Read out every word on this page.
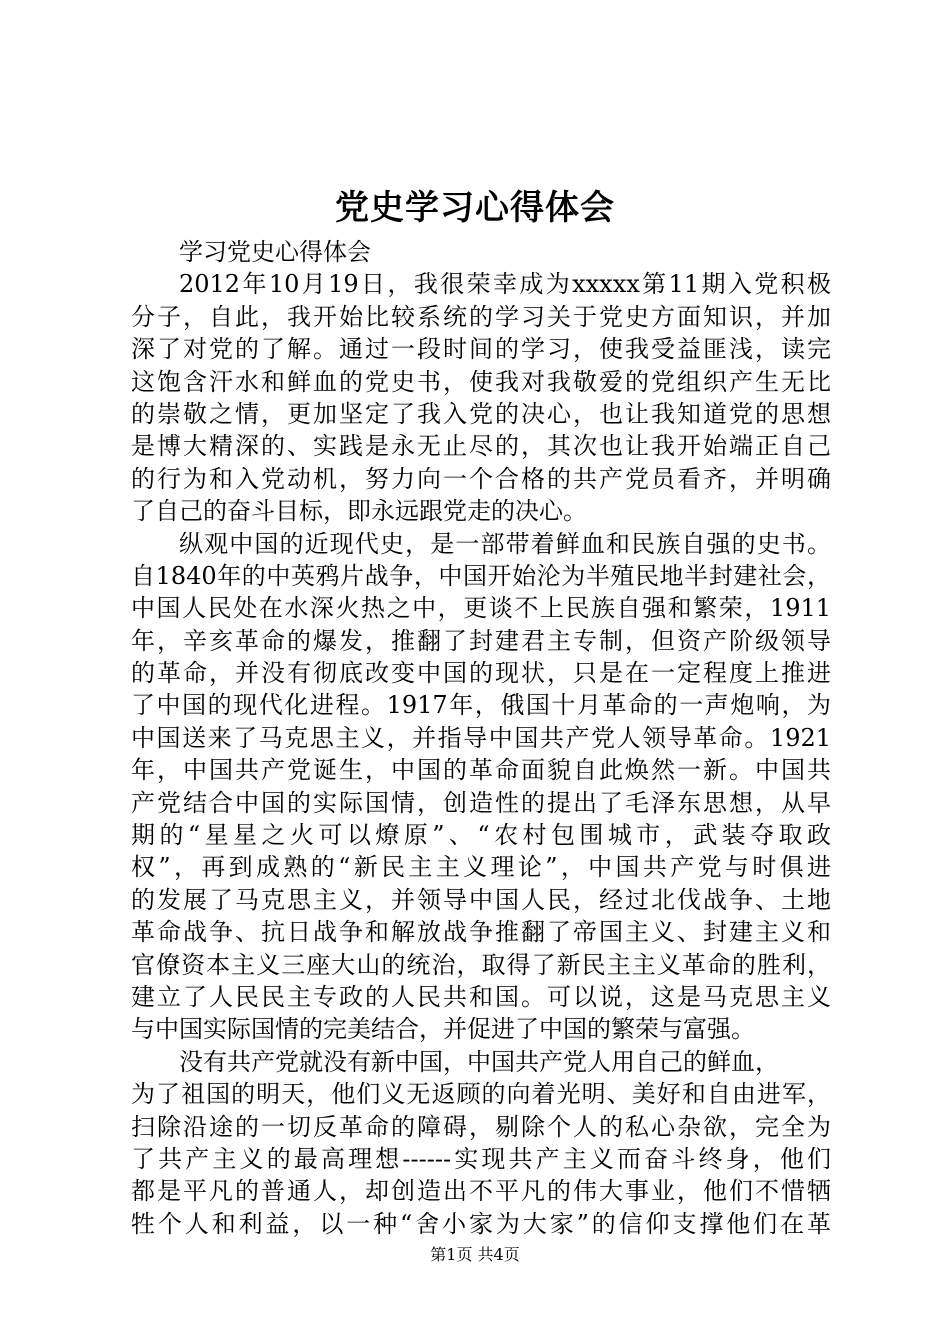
党史学习心得体会
学习党史心得体会
2012年10月19日，我很荣幸成为xxxxx第11期入党积极
分子，自此，我开始比较系统的学习关于党史方面知识，并加
深了对党的了解。通过一段时间的学习，使我受益匪浅，读完
这饱含汗水和鲜血的党史书，使我对我敬爱的党组织产生无比
的崇敬之情，更加坚定了我入党的决心，也让我知道党的思想
是博大精深的、实践是永无止尽的，其次也让我开始端正自己
的行为和入党动机，努力向一个合格的共产党员看齐，并明确
了自己的奋斗目标，即永远跟党走的决心。
纵观中国的近现代史，是一部带着鲜血和民族自强的史书。
自1840年的中英鸦片战争，中国开始沦为半殖民地半封建社会，
中国人民处在水深火热之中，更谈不上民族自强和繁荣，1911
年，辛亥革命的爆发，推翻了封建君主专制，但资产阶级领导
的革命，并没有彻底改变中国的现状，只是在一定程度上推进
了中国的现代化进程。1917年，俄国十月革命的一声炮响，为
中国送来了马克思主义，并指导中国共产党人领导革命。1921
年，中国共产党诞生，中国的革命面貌自此焕然一新。中国共
产党结合中国的实际国情，创造性的提出了毛泽东思想，从早
期的“星星之火可以燎原”、“农村包围城市，武装夺取政
权”，再到成熟的“新民主主义理论”，中国共产党与时俱进
的发展了马克思主义，并领导中国人民，经过北伐战争、土地
革命战争、抗日战争和解放战争推翻了帝国主义、封建主义和
官僚资本主义三座大山的统治，取得了新民主主义革命的胜利，
建立了人民民主专政的人民共和国。可以说，这是马克思主义
与中国实际国情的完美结合，并促进了中国的繁荣与富强。
没有共产党就没有新中国，中国共产党人用自己的鲜血，
为了祖国的明天，他们义无返顾的向着光明、美好和自由进军，
扫除沿途的一切反革命的障碍，剔除个人的私心杂欲，完全为
了共产主义的最高理想------实现共产主义而奋斗终身，他们
都是平凡的普通人，却创造出不平凡的伟大事业，他们不惜牺
牲个人和利益，以一种“舍小家为大家”的信仰支撑他们在革
第1页 共4页
